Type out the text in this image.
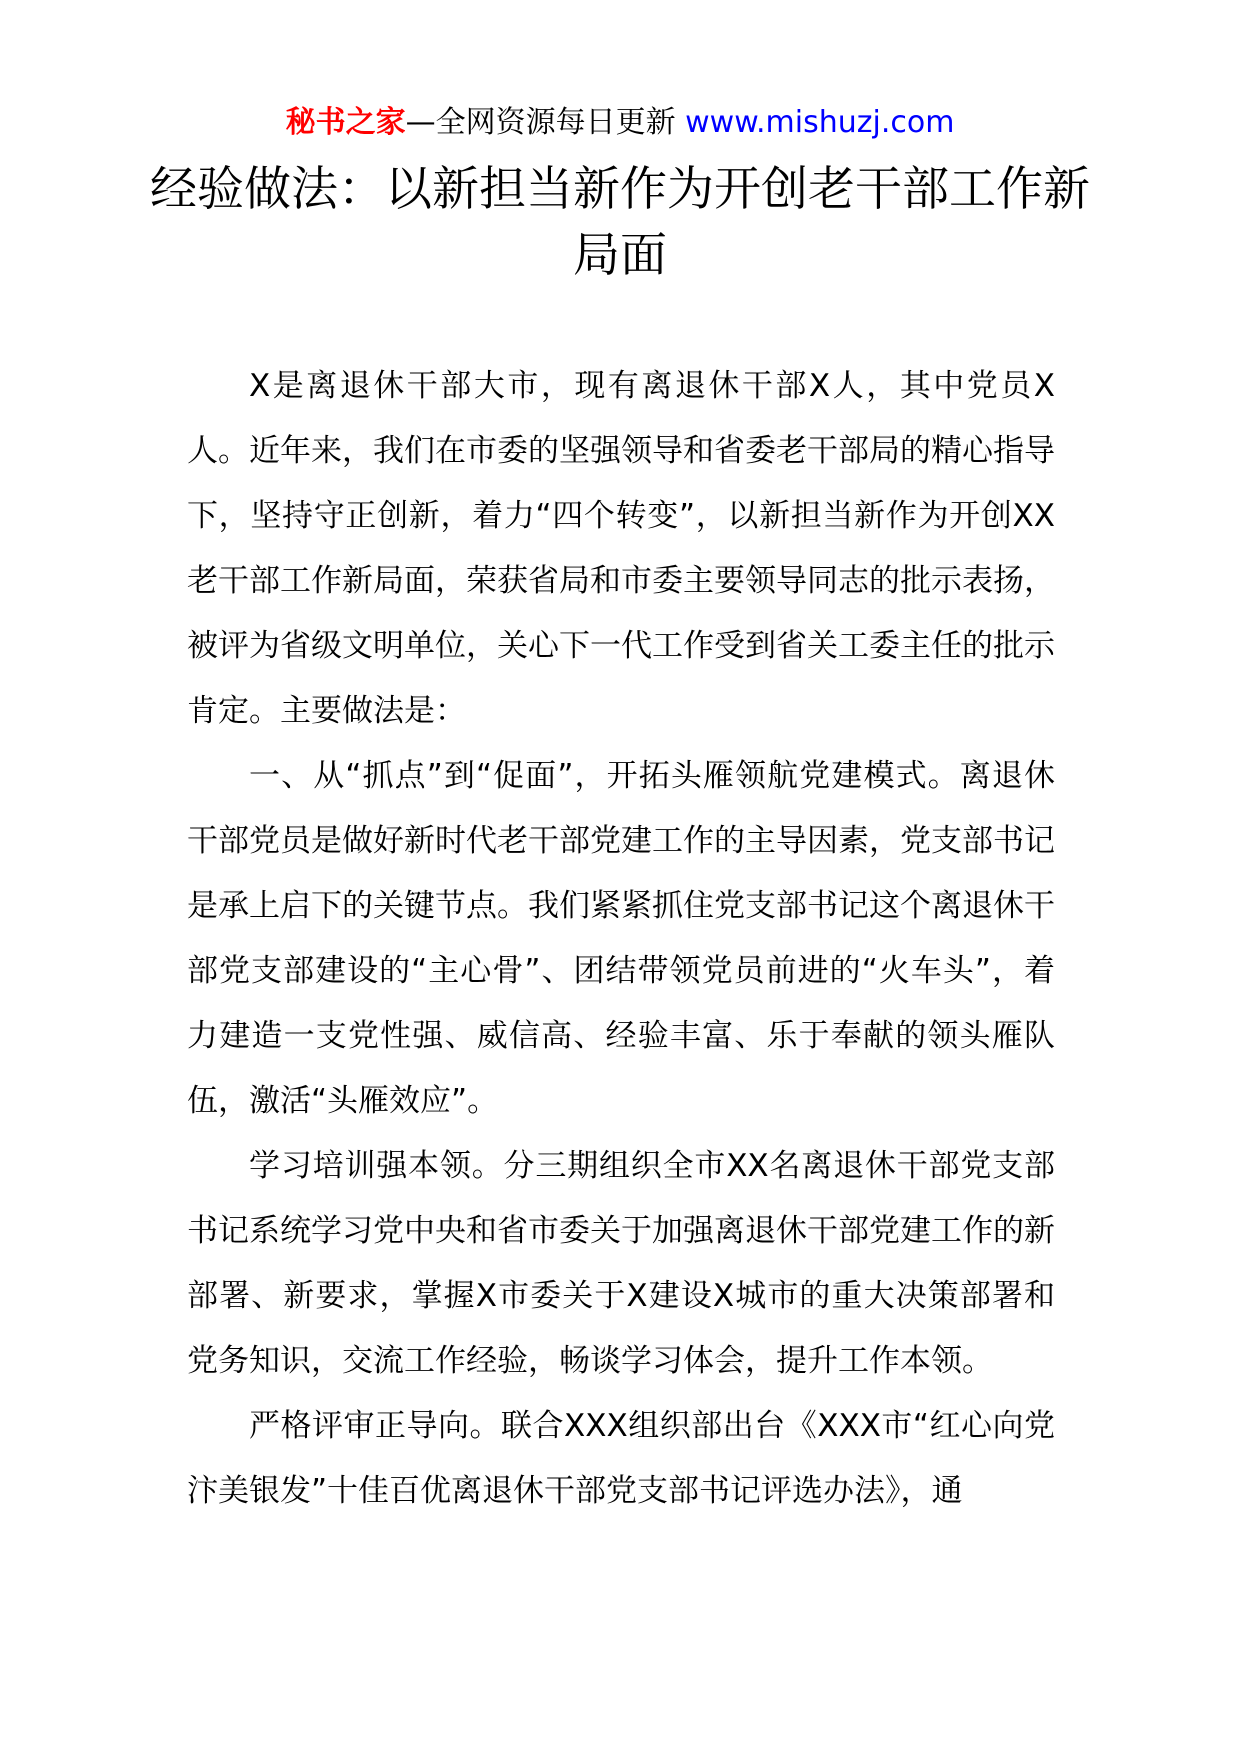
秘书之家—全网资源每日更新 www.mishuzj.com
经验做法：以新担当新作为开创老干部工作新局面

X是离退休干部大市，现有离退休干部X人，其中党员X人。近年来，我们在市委的坚强领导和省委老干部局的精心指导下，坚持守正创新，着力“四个转变”，以新担当新作为开创XX老干部工作新局面，荣获省局和市委主要领导同志的批示表扬，被评为省级文明单位，关心下一代工作受到省关工委主任的批示肯定。主要做法是：

一、从“抓点”到“促面”，开拓头雁领航党建模式。离退休干部党员是做好新时代老干部党建工作的主导因素，党支部书记是承上启下的关键节点。我们紧紧抓住党支部书记这个离退休干部党支部建设的“主心骨”、团结带领党员前进的“火车头”，着力建造一支党性强、威信高、经验丰富、乐于奉献的领头雁队伍，激活“头雁效应”。

学习培训强本领。分三期组织全市XX名离退休干部党支部书记系统学习党中央和省市委关于加强离退休干部党建工作的新部署、新要求，掌握X市委关于X建设X城市的重大决策部署和党务知识，交流工作经验，畅谈学习体会，提升工作本领。

严格评审正导向。联合XXX组织部出台《XXX市“红心向党 汴美银发”十佳百优离退休干部党支部书记评选办法》，通
